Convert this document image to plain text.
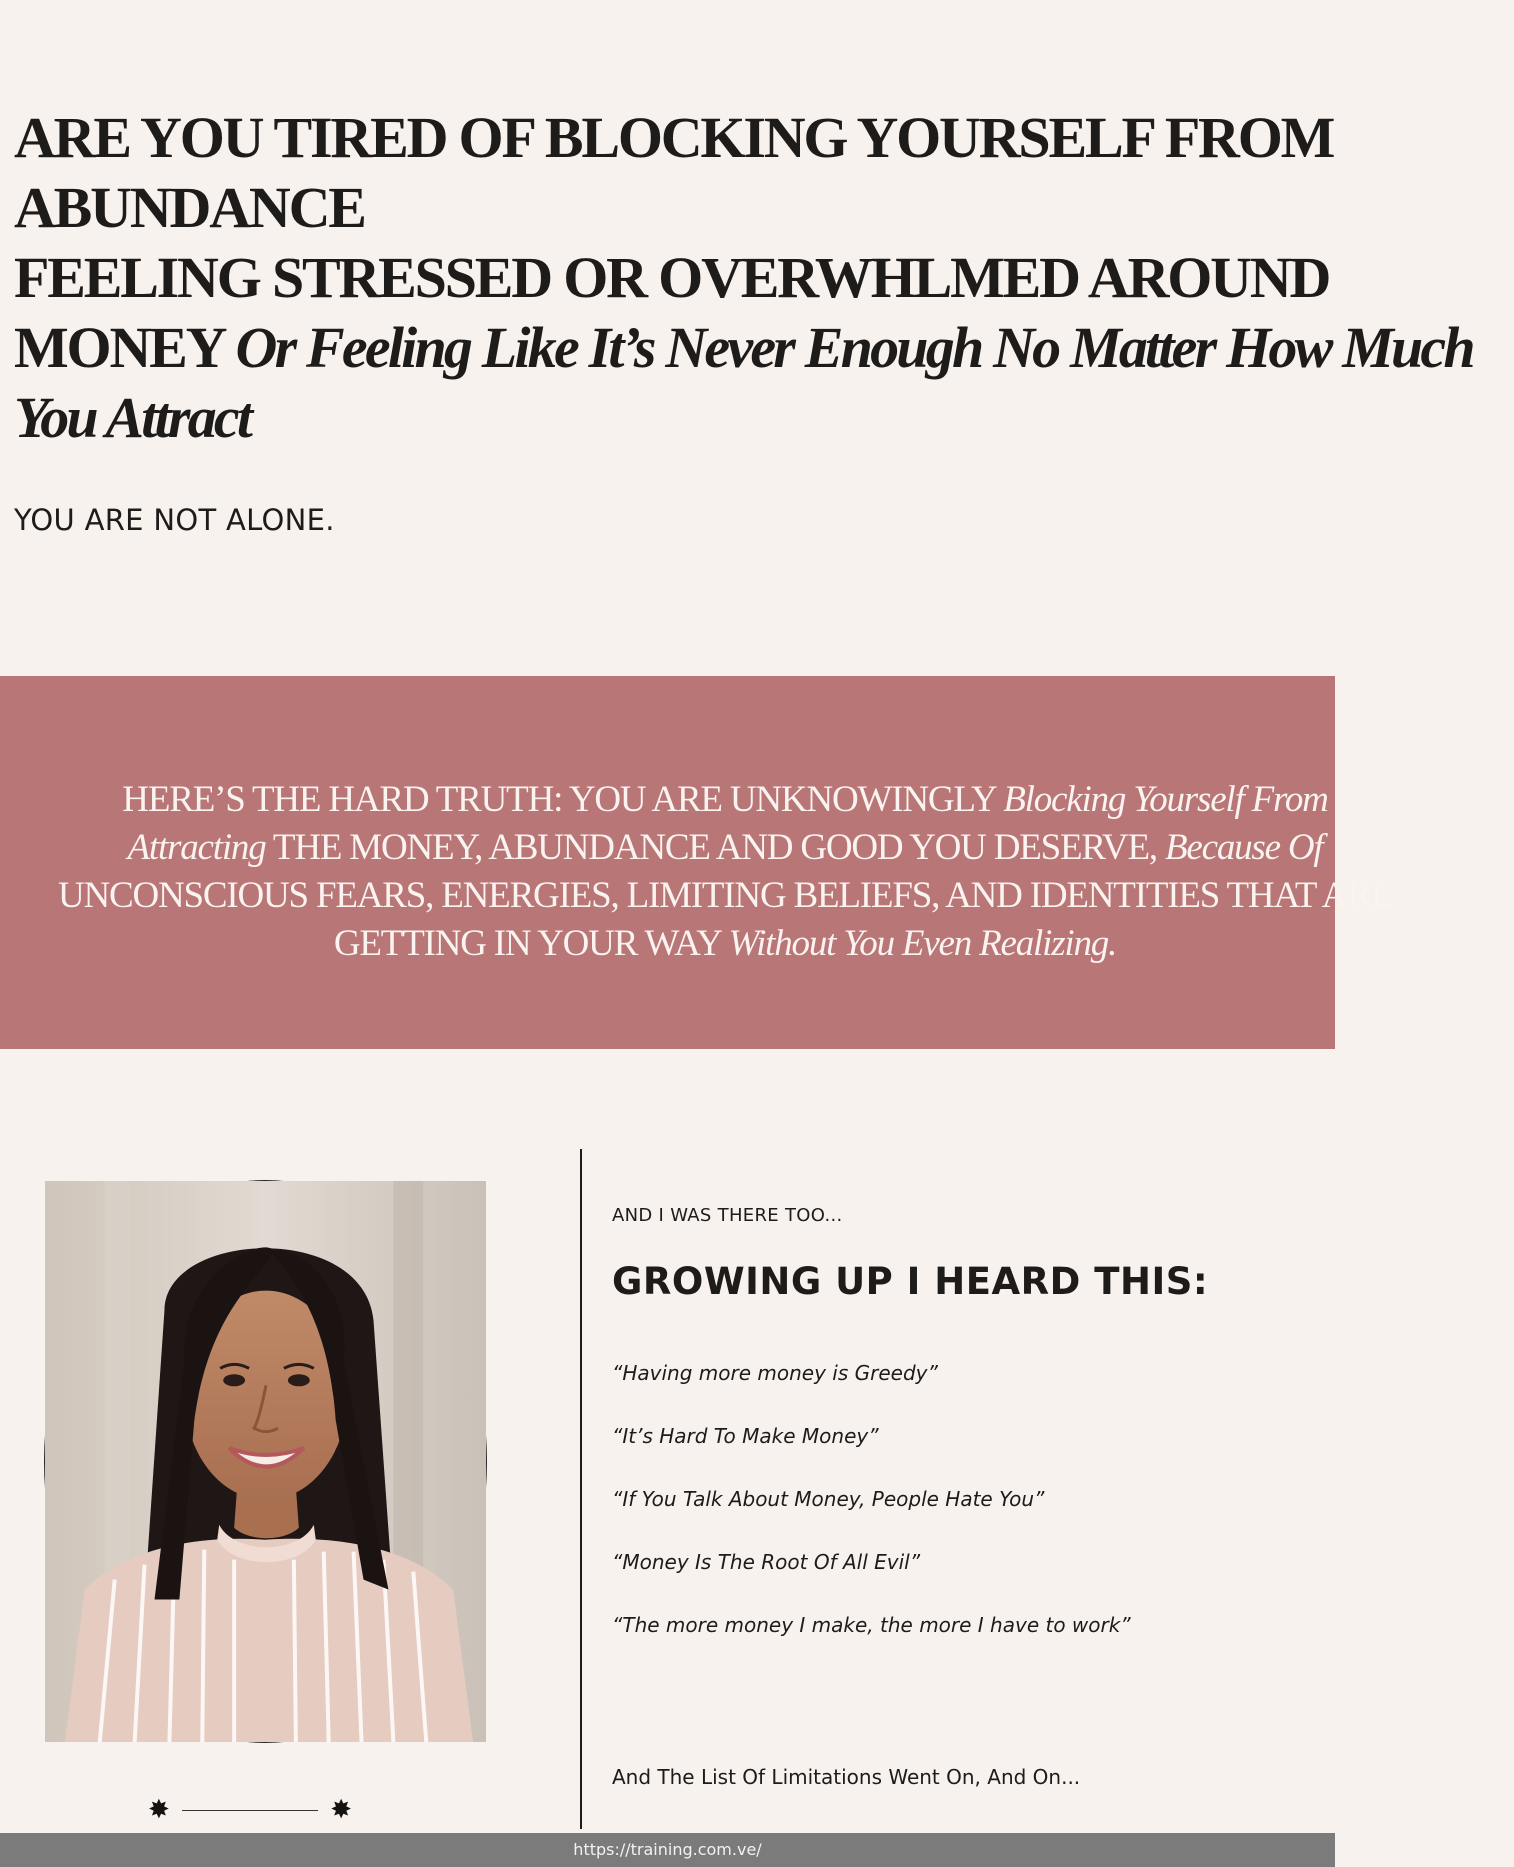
ARE YOU TIRED OF BLOCKING YOURSELF FROM
ABUNDANCE
FEELING STRESSED OR OVERWHLMED AROUND
MONEY Or Feeling Like It’s Never Enough No Matter How Much
You Attract

YOU ARE NOT ALONE.

HERE’S THE HARD TRUTH: YOU ARE UNKNOWINGLY Blocking Yourself From
Attracting THE MONEY, ABUNDANCE AND GOOD YOU DESERVE, Because Of
UNCONSCIOUS FEARS, ENERGIES, LIMITING BELIEFS, AND IDENTITIES THAT ARE
GETTING IN YOUR WAY Without You Even Realizing.

✸	✸

AND I WAS THERE TOO...

GROWING UP I HEARD THIS:
“Having more money is Greedy”
“It’s Hard To Make Money”
“If You Talk About Money, People Hate You”
“Money Is The Root Of All Evil”
“The more money I make, the more I have to work”

And The List Of Limitations Went On, And On...

https://training.com.ve/
